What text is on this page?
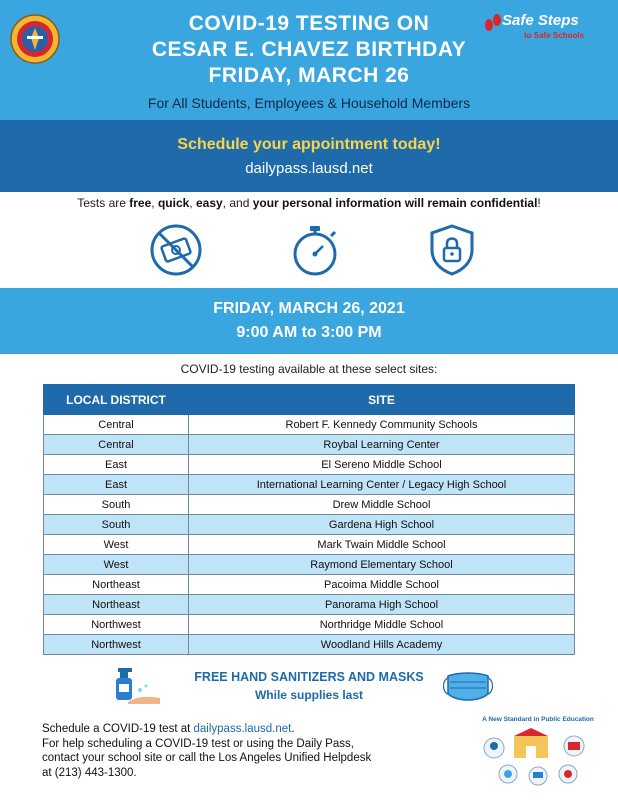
Safe Steps
to Safe Schools
COVID-19 TESTING ON
CESAR E. CHAVEZ BIRTHDAY
FRIDAY, MARCH 26
For All Students, Employees & Household Members
Schedule your appointment today!
dailypass.lausd.net
Tests are free, quick, easy, and your personal information will remain confidential!
FRIDAY, MARCH 26, 2021
9:00 AM to 3:00 PM
COVID-19 testing available at these select sites:
LOCAL DISTRICT	SITE
Central	Robert F. Kennedy Community Schools
Central	Roybal Learning Center
East	El Sereno Middle School
East	International Learning Center / Legacy High School
South	Drew Middle School
South	Gardena High School
West	Mark Twain Middle School
West	Raymond Elementary School
Northeast	Pacoima Middle School
Northeast	Panorama High School
Northwest	Northridge Middle School
Northwest	Woodland Hills Academy
FREE HAND SANITIZERS AND MASKS
While supplies last
Schedule a COVID-19 test at dailypass.lausd.net.
For help scheduling a COVID-19 test or using the Daily Pass,
contact your school site or call the Los Angeles Unified Helpdesk
at (213) 443-1300.
A New Standard in Public Education
